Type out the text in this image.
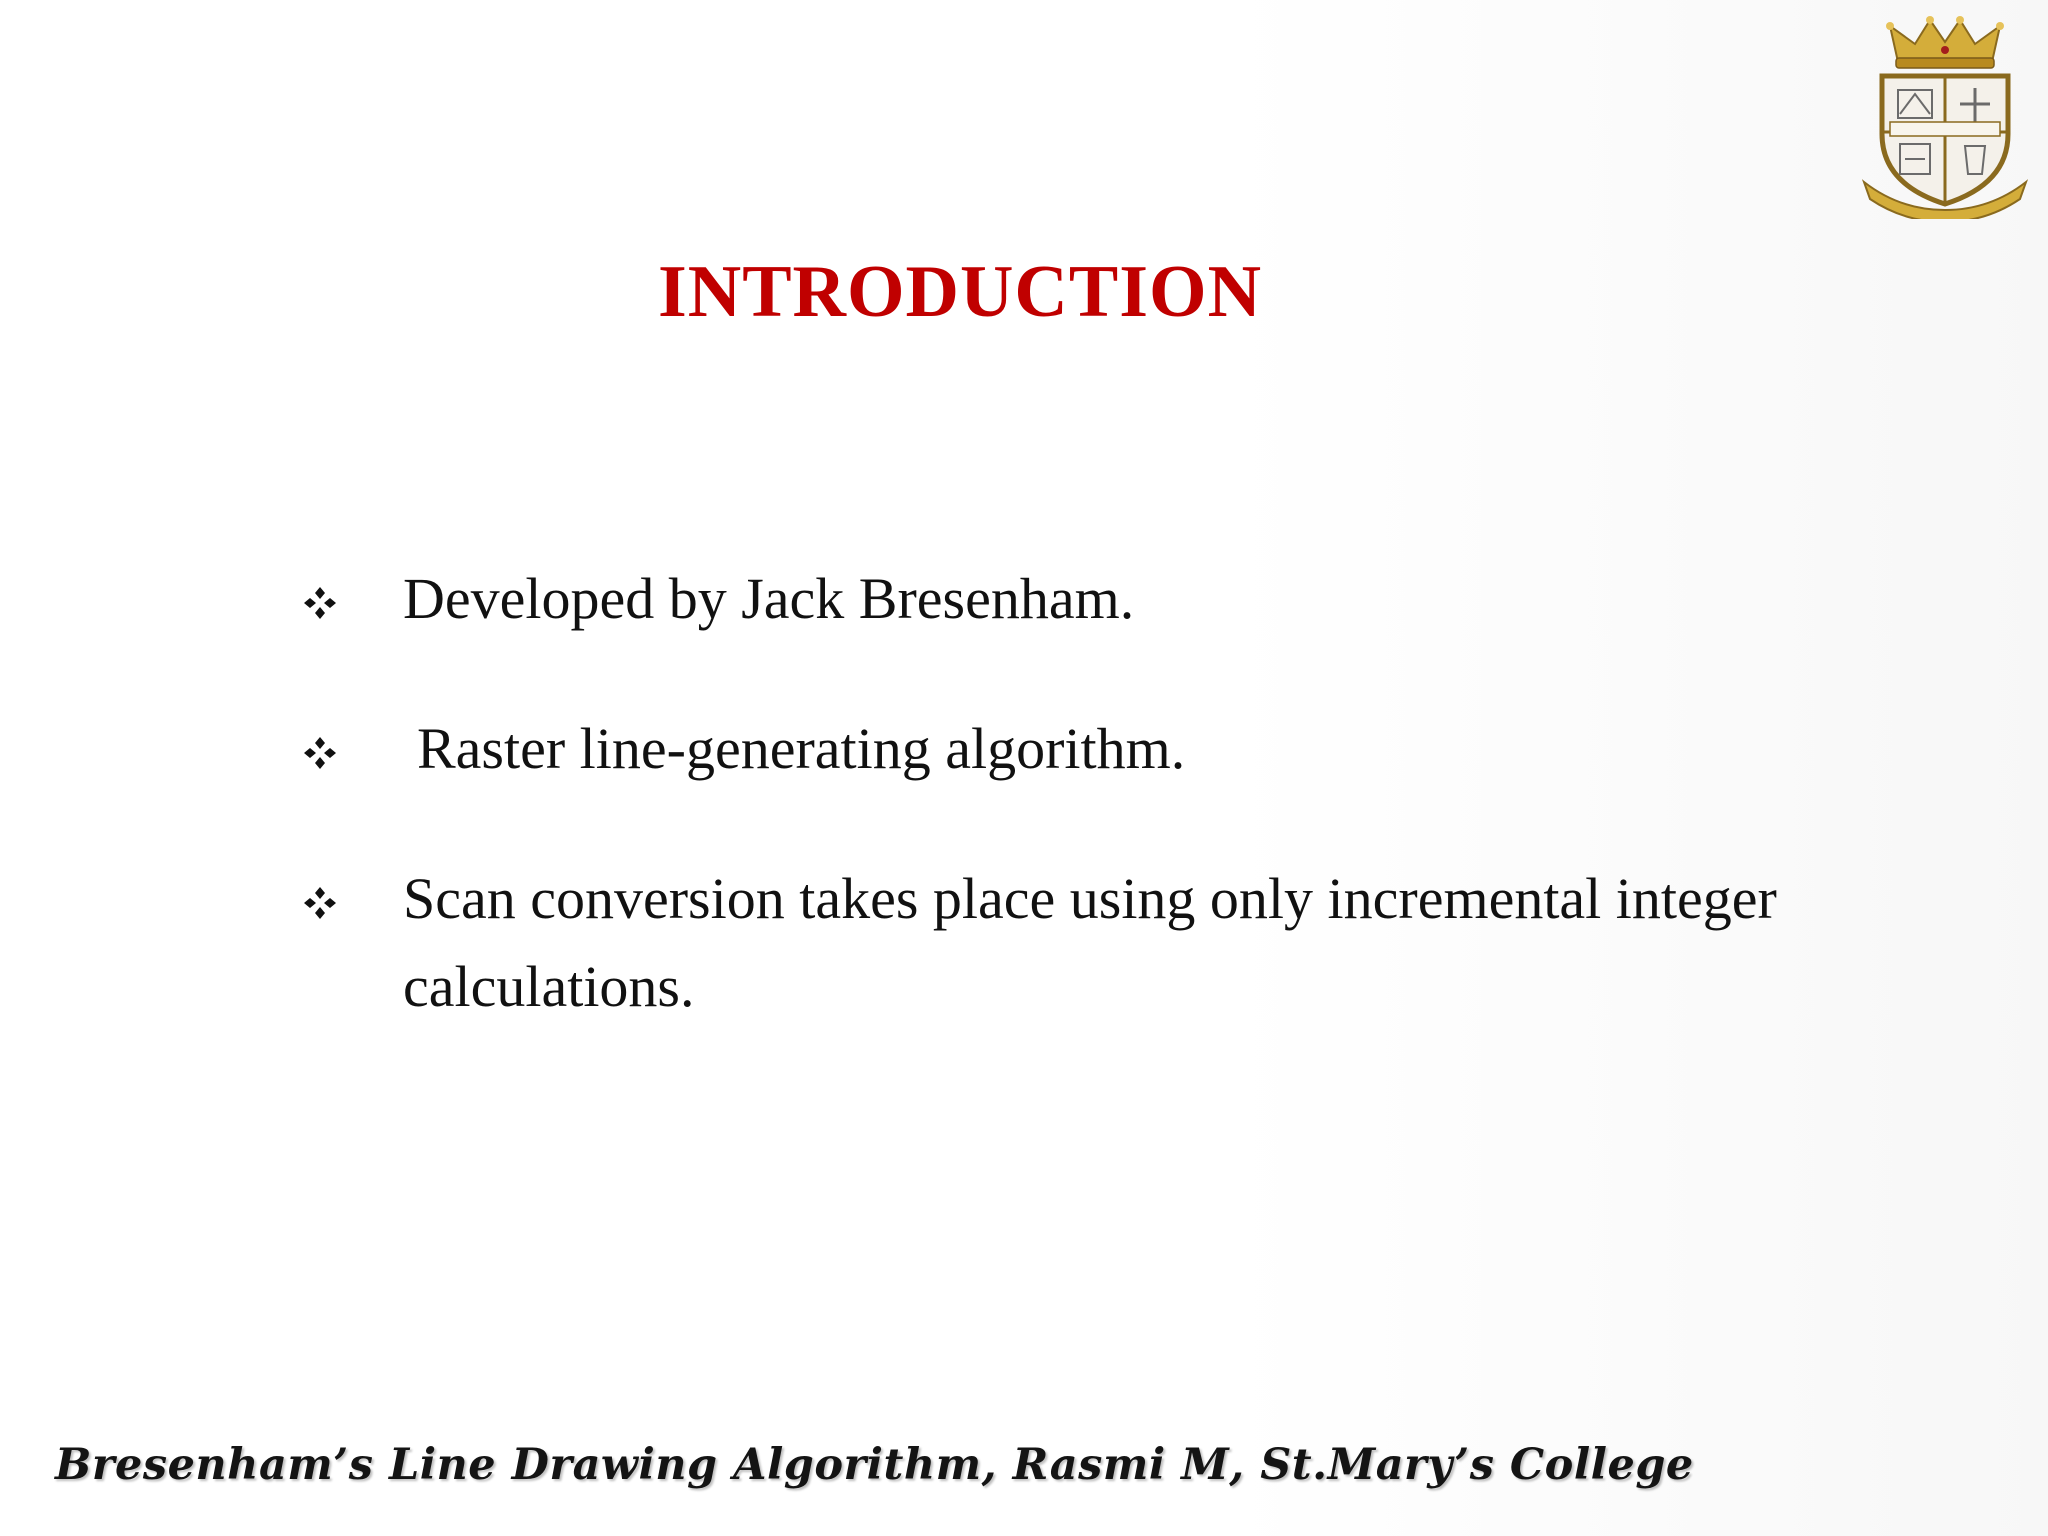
INTRODUCTION
Developed by Jack Bresenham.
Raster line-generating algorithm.
Scan conversion takes place using only incremental integer calculations.
Bresenham’s Line Drawing Algorithm, Rasmi M, St.Mary’s College
